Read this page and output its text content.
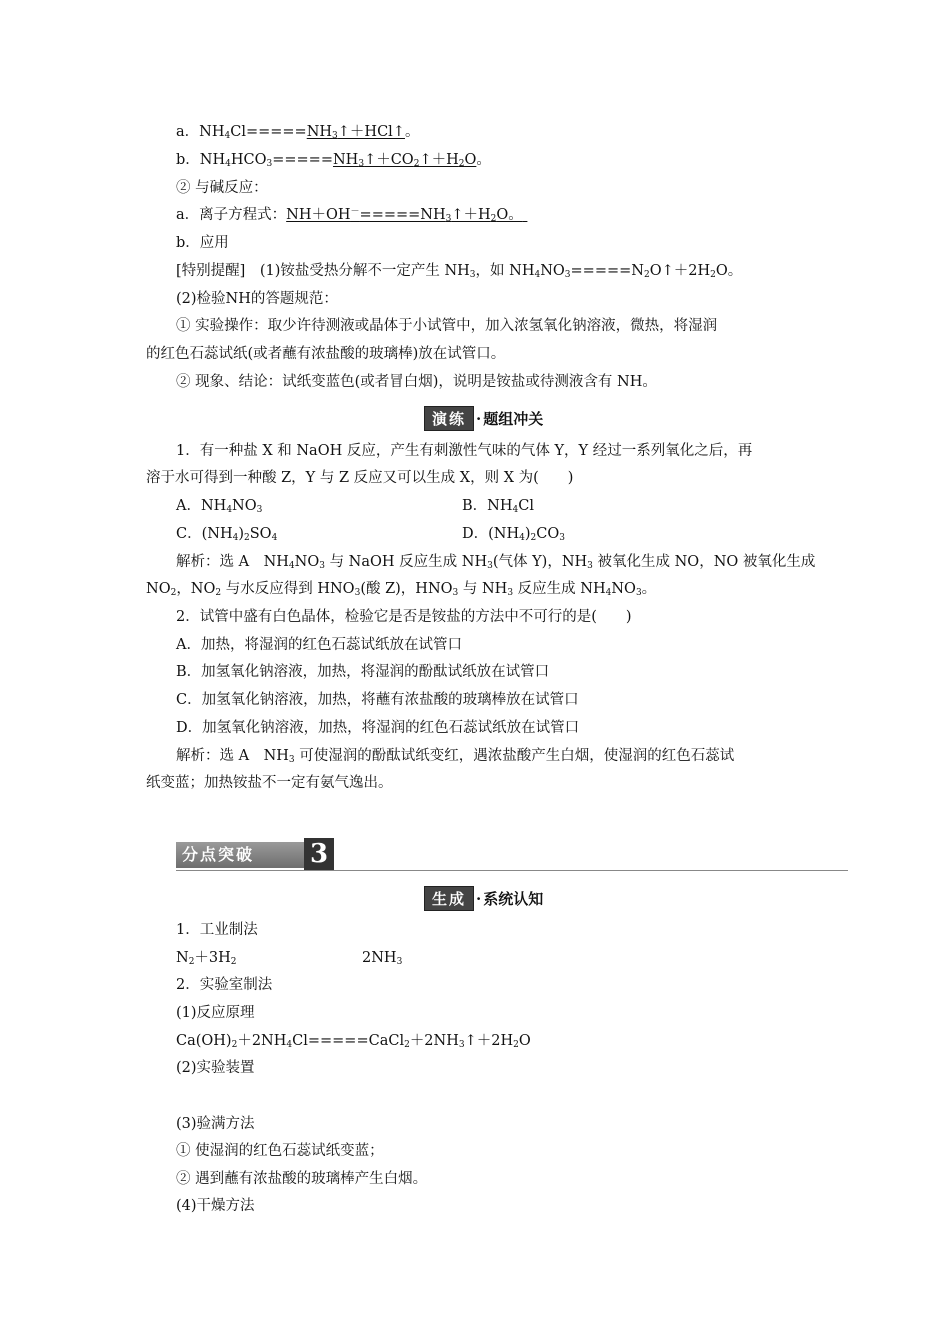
a．$NH_4Cl=====NH_3↑+HCl↑$。
b．$NH_4HCO_3=====NH_3↑+CO_2↑+H_2O$。
② 与碱反应：
a．离子方程式：$NH+OH^-=====NH_3↑+H_2O$。
b．应用
[特别提醒]　(1)铵盐受热分解不一定产生 $NH_3$，如 $NH_4NO_3=====N_2O↑+2H_2O$。
(2)检验NH的答题规范：
① 实验操作：取少许待测液或晶体于小试管中，加入浓氢氧化钠溶液，微热，将湿润
的红色石蕊试纸(或者蘸有浓盐酸的玻璃棒)放在试管口。
② 现象、结论：试纸变蓝色(或者冒白烟)，说明是铵盐或待测液含有 NH。
演练 · 题组冲关
1．有一种盐 X 和 NaOH 反应，产生有刺激性气味的气体 Y，Y 经过一系列氧化之后，再
溶于水可得到一种酸 Z，Y 与 Z 反应又可以生成 X，则 X 为(　　)
A．$NH_4NO_3$	B．$NH_4Cl$
C．$(NH_4)_2SO_4$	D．$(NH_4)_2CO_3$
解析：选 A　$NH_4NO_3$ 与 NaOH 反应生成 $NH_3$(气体 Y)，$NH_3$ 被氧化生成 NO，NO 被氧化生成
$NO_2$，$NO_2$ 与水反应得到 $HNO_3$(酸 Z)，$HNO_3$ 与 $NH_3$ 反应生成 $NH_4NO_3$。
2．试管中盛有白色晶体，检验它是否是铵盐的方法中不可行的是(　　)
A．加热，将湿润的红色石蕊试纸放在试管口
B．加氢氧化钠溶液，加热，将湿润的酚酞试纸放在试管口
C．加氢氧化钠溶液，加热，将蘸有浓盐酸的玻璃棒放在试管口
D．加氢氧化钠溶液，加热，将湿润的红色石蕊试纸放在试管口
解析：选 A　$NH_3$ 可使湿润的酚酞试纸变红，遇浓盐酸产生白烟，使湿润的红色石蕊试
纸变蓝；加热铵盐不一定有氨气逸出。
分点突破	3
生成 · 系统认知
1．工业制法
$N_2+3H_2$	$2NH_3$
2．实验室制法
(1)反应原理
$Ca(OH)_2+2NH_4Cl=====CaCl_2+2NH_3↑+2H_2O$
(2)实验装置
(3)验满方法
① 使湿润的红色石蕊试纸变蓝；
② 遇到蘸有浓盐酸的玻璃棒产生白烟。
(4)干燥方法
